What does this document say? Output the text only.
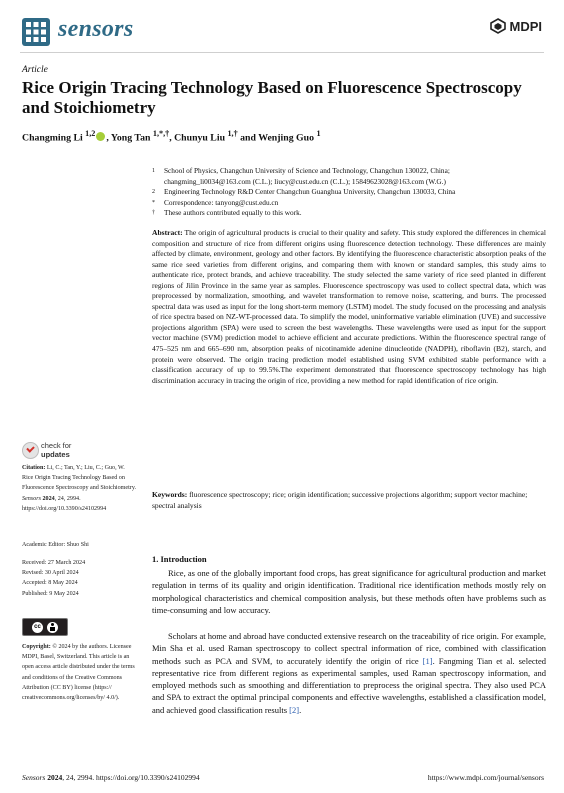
sensors	MDPI
Article
Rice Origin Tracing Technology Based on Fluorescence Spectroscopy and Stoichiometry
Changming Li $^{1,2}$ , Yong Tan $^{1,*,\dagger}$, Chunyu Liu $^{1,\dagger}$ and Wenjing Guo $^1$
1 School of Physics, Changchun University of Science and Technology, Changchun 130022, China;
changming_li0034@163.com (C.L.); liucy@cust.edu.cn (C.L.); 15849623028@163.com (W.G.)
2 Engineering Technology R&D Center Changchun Guanghua University, Changchun 130033, China
* Correspondence: tanyong@cust.edu.cn
† These authors contributed equally to this work.
Abstract: The origin of agricultural products is crucial to their quality and safety. This study explored the differences in chemical composition and structure of rice from different origins using fluorescence detection technology. These differences are mainly affected by climate, environment, geology and other factors. By identifying the fluorescence characteristic absorption peaks of the same rice seed varieties from different origins, and comparing them with known or standard samples, this study aims to authenticate rice, protect brands, and achieve traceability. The study selected the same variety of rice seed planted in different regions of Jilin Province in the same year as samples. Fluorescence spectroscopy was used to collect spectral data, which was preprocessed by normalization, smoothing, and wavelet transformation to remove noise, scattering, and burrs. The processed spectral data was used as input for the long short-term memory (LSTM) model. The study focused on the processing and analysis of rice spectra based on NZ-WT-processed data. To simplify the model, uninformative variable elimination (UVE) and successive projections algorithm (SPA) were used to screen the best wavelengths. These wavelengths were used as input for the support vector machine (SVM) prediction model to achieve efficient and accurate predictions. Within the fluorescence spectral range of 475–525 nm and 665–690 nm, absorption peaks of nicotinamide adenine dinucleotide (NADPH), riboflavin (B2), starch, and protein were observed. The origin tracing prediction model established using SVM exhibited stable performance with a classification accuracy of up to 99.5%.The experiment demonstrated that fluorescence spectroscopy technology has high discrimination accuracy in tracing the origin of rice, providing a new method for rapid identification of rice origin.
Keywords: fluorescence spectroscopy; rice; origin identification; successive projections algorithm; support vector machine; spectral analysis
check for
updates
Citation: Li, C.; Tan, Y.; Liu, C.; Guo, W. Rice Origin Tracing Technology Based on Fluorescence Spectroscopy and Stoichiometry. Sensors 2024, 24, 2994. https://doi.org/10.3390/s24102994
Academic Editor: Shuo Shi
Received: 27 March 2024
Revised: 30 April 2024
Accepted: 8 May 2024
Published: 9 May 2024
cc
Copyright: © 2024 by the authors. Licensee MDPI, Basel, Switzerland. This article is an open access article distributed under the terms and conditions of the Creative Commons Attribution (CC BY) license (https:// creativecommons.org/licenses/by/ 4.0/).
1. Introduction
Rice, as one of the globally important food crops, has great significance for agricultural production and market regulation in terms of its quality and origin identification. Traditional rice identification methods mostly rely on morphological characteristics and chemical composition analysis, but these methods often have problems such as time-consuming and low accuracy.
Scholars at home and abroad have conducted extensive research on the traceability of rice origin. For example, Min Sha et al. used Raman spectroscopy to collect spectral information of rice, combined with classification methods such as PCA and SVM, to accurately identify the origin of rice [1]. Fangming Tian et al. selected representative rice from different regions as experimental samples, used Raman spectroscopy information, and employed methods such as smoothing and differentiation to preprocess the original spectra. They also used PCA and SPA to extract the optimal principal components and effective wavelengths, established a classification model, and achieved good classification results [2].
Sensors 2024, 24, 2994. https://doi.org/10.3390/s24102994	https://www.mdpi.com/journal/sensors
